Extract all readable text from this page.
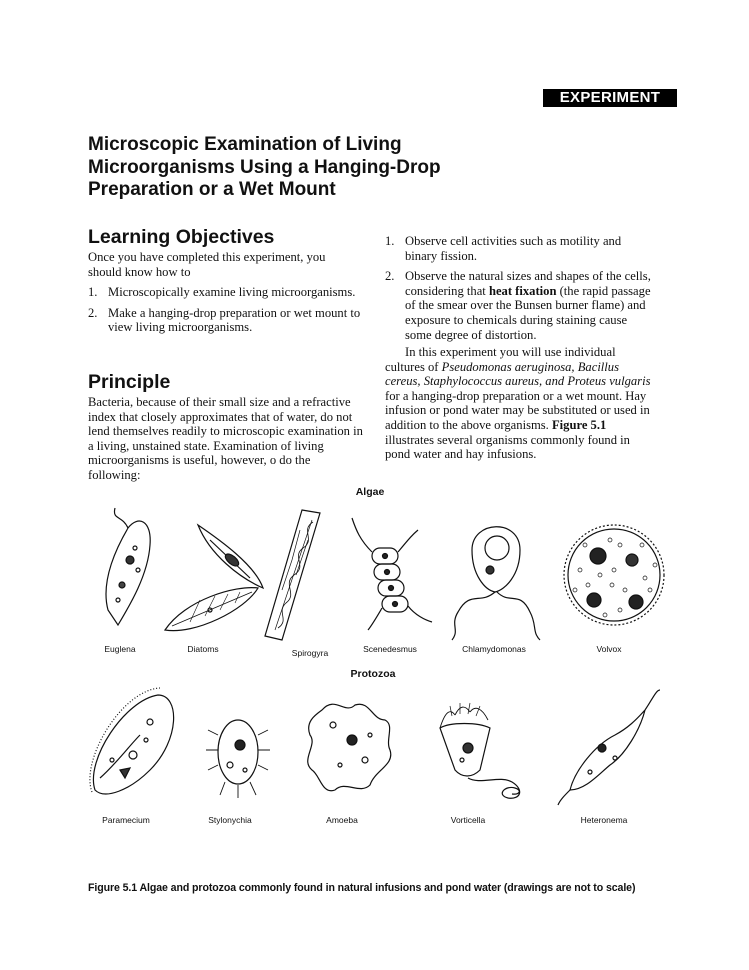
EXPERIMENT
Microscopic Examination of Living Microorganisms Using a Hanging-Drop Preparation or a Wet Mount
Learning Objectives

Once you have completed this experiment, you should know how to

1. Microscopically examine living microorganisms.
2. Make a hanging-drop preparation or wet mount to view living microorganisms.
Principle

Bacteria, because of their small size and a refractive index that closely approximates that of water, do not lend themselves readily to microscopic examination in a living, unstained state. Examination of living microorganisms is useful, however, o do the following:

1. Observe cell activities such as motility and binary fission.
2. Observe the natural sizes and shapes of the cells, considering that heat fixation (the rapid passage of the smear over the Bunsen burner flame) and exposure to chemicals during staining cause some degree of distortion.

In this experiment you will use individual cultures of Pseudomonas aeruginosa, Bacillus cereus, Staphylococcus aureus, and Proteus vulgaris for a hanging-drop preparation or a wet mount. Hay infusion or pond water may be substituted or used in addition to the above organisms. Figure 5.1 illustrates several organisms commonly found in pond water and hay infusions.

Algae
Protozoa
Euglena	Diatoms	Spirogyra	Scenedesmus	Chlamydomonas	Volvox
Paramecium	Stylonychia	Amoeba	Vorticella	Heteronema
Figure 5.1 Algae and protozoa commonly found in natural infusions and pond water (drawings are not to scale)
